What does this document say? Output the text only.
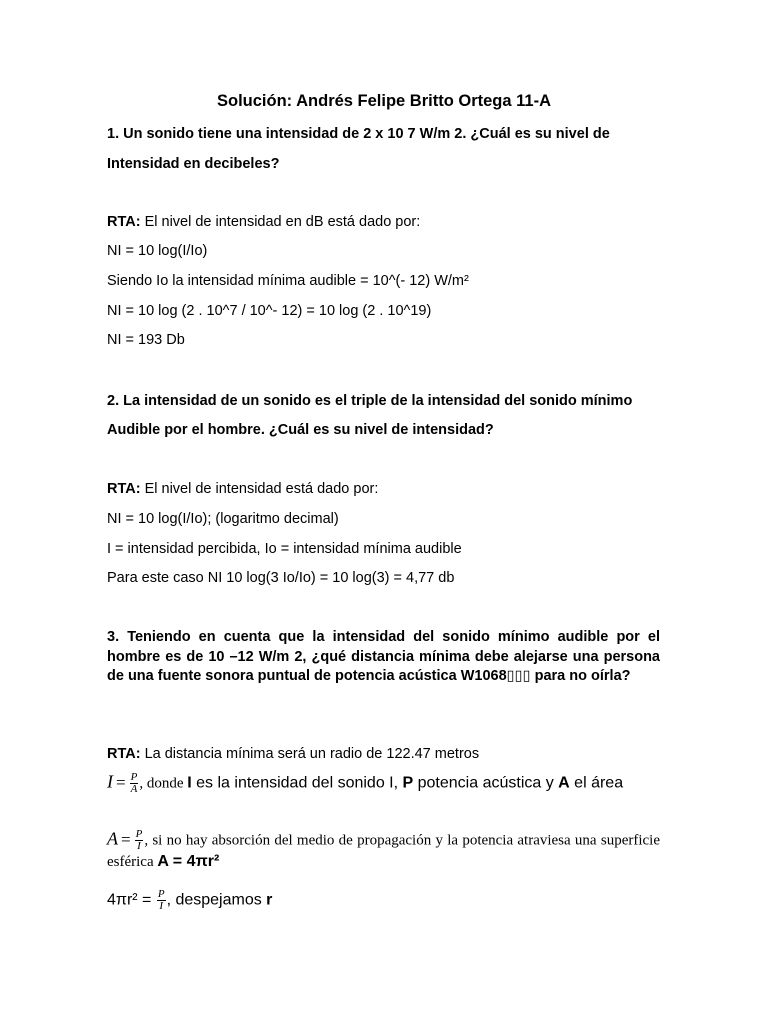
Solución: Andrés Felipe Britto Ortega 11-A
1. Un sonido tiene una intensidad de 2 x 10 7 W/m 2. ¿Cuál es su nivel de
Intensidad en decibeles?
RTA: El nivel de intensidad en dB está dado por:
NI = 10 log(I/Io)
Siendo Io la intensidad mínima audible = 10^(- 12) W/m²
NI = 10 log (2 . 10^7 / 10^- 12) = 10 log (2 . 10^19)
NI = 193 Db
2. La intensidad de un sonido es el triple de la intensidad del sonido mínimo
Audible por el hombre. ¿Cuál es su nivel de intensidad?
RTA: El nivel de intensidad está dado por:
NI = 10 log(I/Io); (logaritmo decimal)
I = intensidad percibida, Io = intensidad mínima audible
Para este caso NI 10 log(3 Io/Io) = 10 log(3) = 4,77 db
3. Teniendo en cuenta que la intensidad del sonido mínimo audible por el hombre es de 10 –12 W/m 2, ¿qué distancia mínima debe alejarse una persona de una fuente sonora puntual de potencia acústica W1068▯▯▯ para no oírla?
RTA: La distancia mínima será un radio de 122.47 metros
$I = \frac{P}{A}$ , donde I es la intensidad del sonido I, P potencia acústica y A el área
$A = \frac{P}{I}$ , si no hay absorción del medio de propagación y la potencia atraviesa una superficie esférica A = 4πr²
$4\pi r^2 = \frac{P}{I}$ , despejamos r
